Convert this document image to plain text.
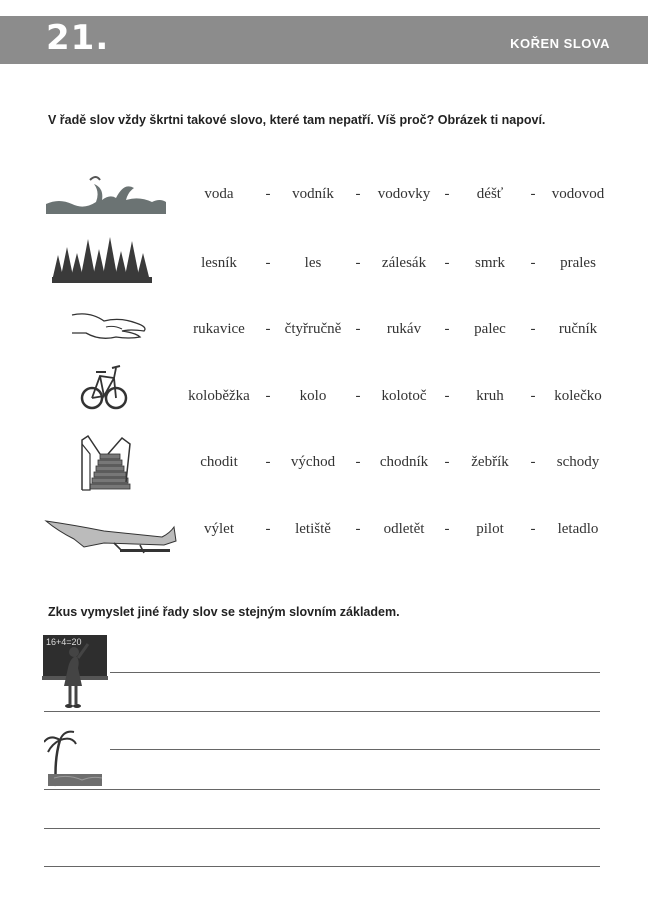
21.	KOŘEN SLOVA
V řadě slov vždy škrtni takové slovo, které tam nepatří. Víš proč? Obrázek ti napoví.
voda - vodník - vodovky - déšť - vodovod
lesník - les - zálesák - smrk - prales
rukavice - čtyřručně - rukáv - palec - ručník
koloběžka - kolo - kolotoč - kruh - kolečko
chodit - východ - chodník - žebřík - schody
výlet - letiště - odletět - pilot - letadlo
Zkus vymyslet jiné řady slov se stejným slovním základem.
16+4=20
